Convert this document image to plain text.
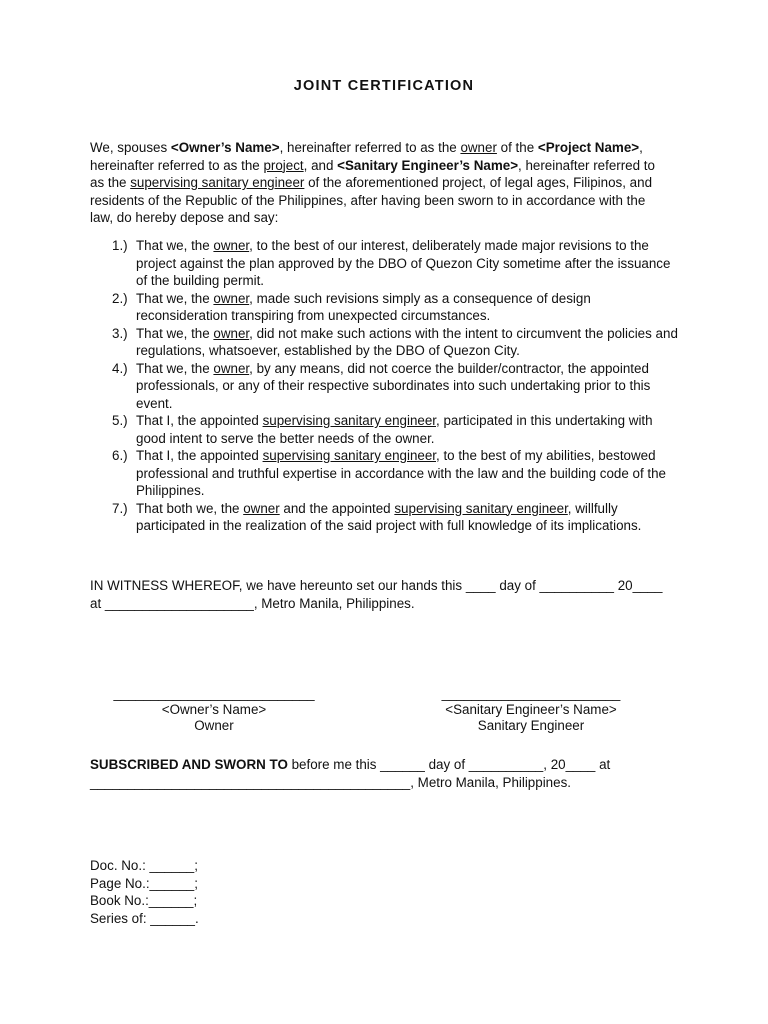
JOINT CERTIFICATION
We, spouses <Owner’s Name>, hereinafter referred to as the owner of the <Project Name>, hereinafter referred to as the project, and <Sanitary Engineer’s Name>, hereinafter referred to as the supervising sanitary engineer of the aforementioned project, of legal ages, Filipinos, and residents of the Republic of the Philippines, after having been sworn to in accordance with the law, do hereby depose and say:
1.) That we, the owner, to the best of our interest, deliberately made major revisions to the project against the plan approved by the DBO of Quezon City sometime after the issuance of the building permit.
2.) That we, the owner, made such revisions simply as a consequence of design reconsideration transpiring from unexpected circumstances.
3.) That we, the owner, did not make such actions with the intent to circumvent the policies and regulations, whatsoever, established by the DBO of Quezon City.
4.) That we, the owner, by any means, did not coerce the builder/contractor, the appointed professionals, or any of their respective subordinates into such undertaking prior to this event.
5.) That I, the appointed supervising sanitary engineer, participated in this undertaking with good intent to serve the better needs of the owner.
6.) That I, the appointed supervising sanitary engineer, to the best of my abilities, bestowed professional and truthful expertise in accordance with the law and the building code of the Philippines.
7.) That both we, the owner and the appointed supervising sanitary engineer, willfully participated in the realization of the said project with full knowledge of its implications.
IN WITNESS WHEREOF, we have hereunto set our hands this ____ day of __________ 20____ at ____________________, Metro Manila, Philippines.
___________________________
<Owner’s Name>
Owner
________________________
<Sanitary Engineer’s Name>
Sanitary Engineer
SUBSCRIBED AND SWORN TO before me this ______ day of __________, 20____ at ___________________________________________, Metro Manila, Philippines.
Doc. No.: ______;
Page No.:______;
Book No.:______;
Series of: ______.
